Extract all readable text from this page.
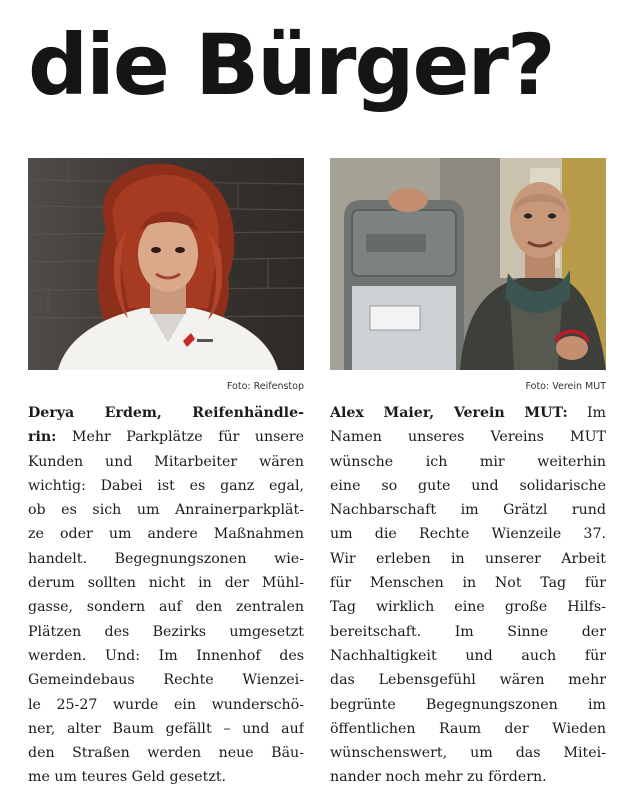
die Bürger?
Foto: Reifenstop	Foto: Verein MUT
Derya Erdem, Reifenhändle-
rin: Mehr Parkplätze für unsere
Kunden und Mitarbeiter wären
wichtig: Dabei ist es ganz egal,
ob es sich um Anrainerparkplät-
ze oder um andere Maßnahmen
handelt. Begegnungszonen wie-
derum sollten nicht in der Mühl-
gasse, sondern auf den zentralen
Plätzen des Bezirks umgesetzt
werden. Und: Im Innenhof des
Gemeindebaus Rechte Wienzei-
le 25-27 wurde ein wunderschö-
ner, alter Baum gefällt – und auf
den Straßen werden neue Bäu-
me um teures Geld gesetzt.
Alex Maier, Verein MUT: Im
Namen unseres Vereins MUT
wünsche ich mir weiterhin
eine so gute und solidarische
Nachbarschaft im Grätzl rund
um die Rechte Wienzeile 37.
Wir erleben in unserer Arbeit
für Menschen in Not Tag für
Tag wirklich eine große Hilfs-
bereitschaft. Im Sinne der
Nachhaltigkeit und auch für
das Lebensgefühl wären mehr
begrünte Begegnungszonen im
öffentlichen Raum der Wieden
wünschenswert, um das Mitei-
nander noch mehr zu fördern.
